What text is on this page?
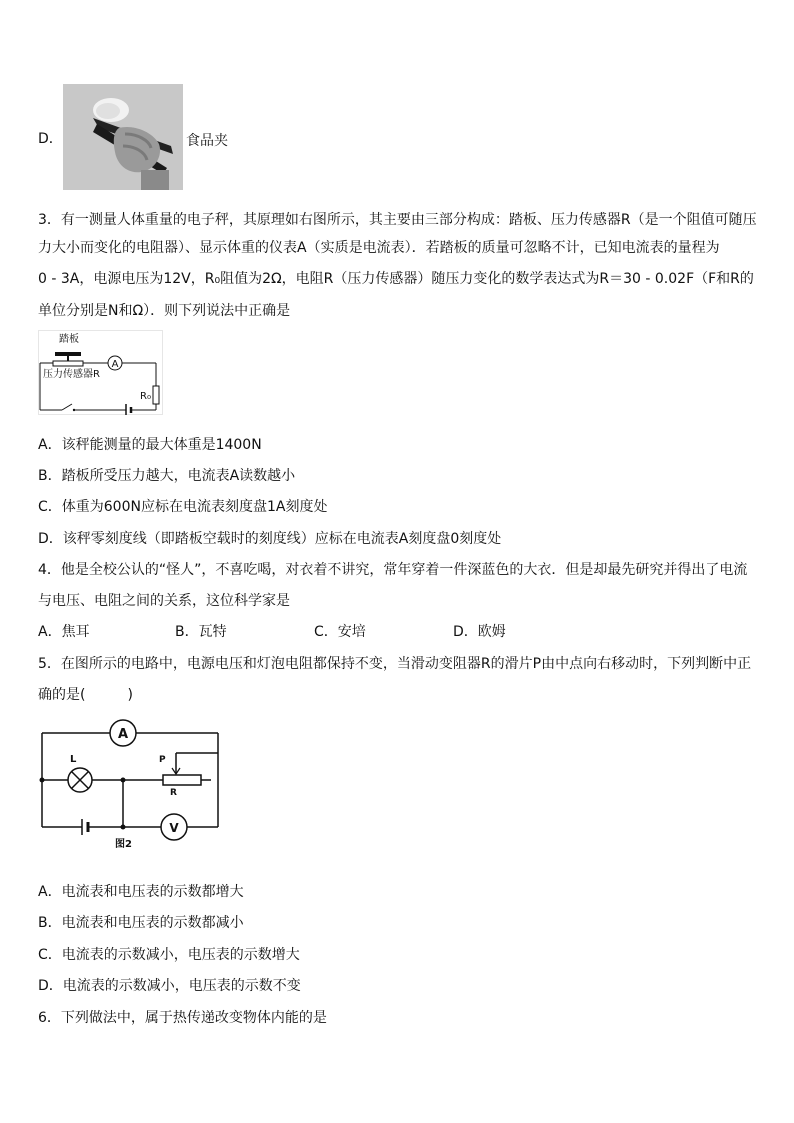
D．	食品夹
3．有一测量人体重量的电子秤，其原理如右图所示，其主要由三部分构成：踏板、压力传感器R（是一个阻值可随压
力大小而变化的电阻器）、显示体重的仪表A（实质是电流表）．若踏板的质量可忽略不计，已知电流表的量程为
0 - 3A，电源电压为12V，R₀阻值为2Ω，电阻R（压力传感器）随压力变化的数学表达式为R＝30 - 0.02F（F和R的
单位分别是N和Ω）．则下列说法中正确是
踏板
A
压力传感器R
R₀
A．该秤能测量的最大体重是1400N
B．踏板所受压力越大，电流表A读数越小
C．体重为600N应标在电流表刻度盘1A刻度处
D．该秤零刻度线（即踏板空载时的刻度线）应标在电流表A刻度盘0刻度处
4．他是全校公认的“怪人”，不喜吃喝，对衣着不讲究，常年穿着一件深蓝色的大衣．但是却最先研究并得出了电流
与电压、电阻之间的关系，这位科学家是
A．焦耳	B．瓦特	C．安培	D．欧姆
5．在图所示的电路中，电源电压和灯泡电阻都保持不变，当滑动变阻器R的滑片P由中点向右移动时，下列判断中正
确的是(　　　)
A
L
R
P
V
图2
A．电流表和电压表的示数都增大
B．电流表和电压表的示数都减小
C．电流表的示数减小，电压表的示数增大
D．电流表的示数减小，电压表的示数不变
6．下列做法中，属于热传递改变物体内能的是
